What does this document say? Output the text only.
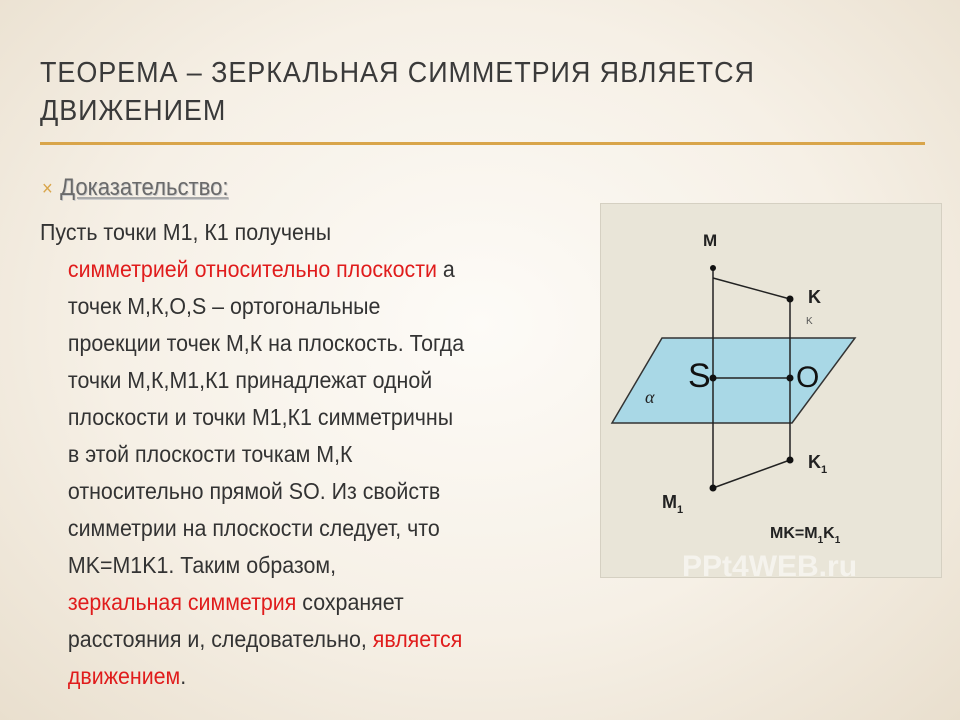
ТЕОРЕМА – ЗЕРКАЛЬНАЯ СИММЕТРИЯ ЯВЛЯЕТСЯ
ДВИЖЕНИЕМ
× Доказательство:
Пусть точки М1, К1 получены
симметрией относительно плоскости а
точек М,К,О,S – ортогональные
проекции точек М,К на плоскость. Тогда
точки М,К,М1,К1 принадлежат одной
плоскости и точки М1,К1 симметричны
в этой плоскости точкам М,К
относительно прямой SO. Из свойств
симметрии на плоскости следует, что
MK=M1K1. Таким образом,
зеркальная симметрия сохраняет
расстояния и, следовательно, является
движением.
M
K
K
S	O
α
$K_1$
$M_1$
$MK=M_1K_1$
PPt4WEB.ru
